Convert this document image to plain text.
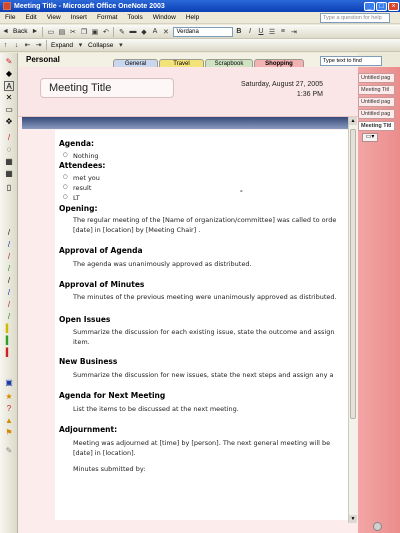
Meeting Title - Microsoft Office OneNote 2003	_	□	×
File	Edit	View	Insert	Format	Tools	Window	Help	Type a question for help
◄ Back ► ▭ ▤ ✂ ❐ ▣ ↶ ✎ ▬ ◆ A ✕	Verdana	B	I	U ☰ ≡ ⇥
↑	↓ ⇤ ⇥	Expand ▾ Collapse ▾
✎
◆
A
✕
▭
✥
/
◌
▦
▦
▯
/
/
/
/
/
/
/
/
▍
▍
▍
▣
★
?
▲
⚑
✎
Personal	General	Travel	Scrapbook	Shopping	Type text to find
Meeting Title	Saturday, August 27, 2005
1:36 PM
Agenda:
○ Nothing
Attendees:
○ met you
○ result
○ LT
-
Opening:
The regular meeting of the [Name of organization/committee] was called to orde
[date] in [location] by [Meeting Chair] .
Approval of Agenda
The agenda was unanimously approved as distributed.
Approval of Minutes
The minutes of the previous meeting were unanimously approved as distributed.
Open Issues
Summarize the discussion for each existing issue, state the outcome and assign
item.
New Business
Summarize the discussion for new issues, state the next steps and assign any a
Agenda for Next Meeting
List the items to be discussed at the next meeting.
Adjournment:
Meeting was adjourned at [time] by [person]. The next general meeting will be
[date] in [location].
Minutes submitted by:
▲
▼
Untitled pag
Meeting Titl
Untitled pag
Untitled pag
Meeting Titl
▭▾
